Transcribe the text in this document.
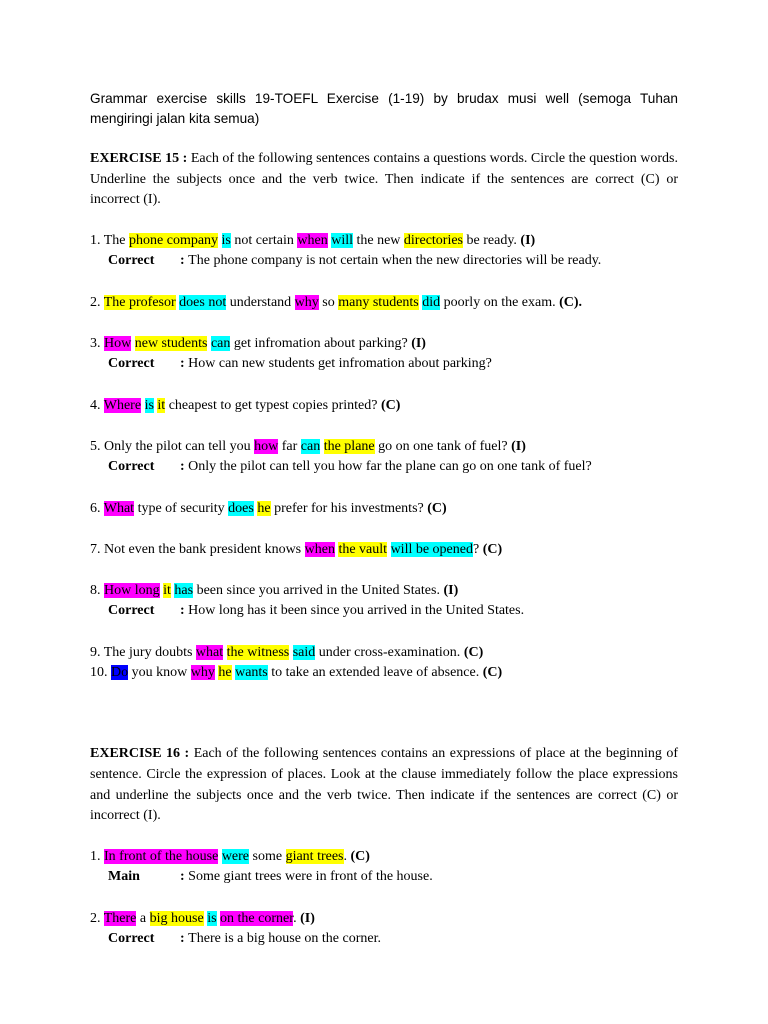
Grammar exercise skills 19-TOEFL Exercise (1-19) by brudax musi well (semoga Tuhan mengiringi jalan kita semua)
EXERCISE 15 : Each of the following sentences contains a questions words. Circle the question words. Underline the subjects once and the verb twice. Then indicate if the sentences are correct (C) or incorrect (I).
1. The phone company is not certain when will the new directories be ready. (I)
Correct : The phone company is not certain when the new directories will be ready.
2. The profesor does not understand why so many students did poorly on the exam. (C).
3. How new students can get infromation about parking? (I)
Correct : How can new students get infromation about parking?
4. Where is it cheapest to get typest copies printed? (C)
5. Only the pilot can tell you how far can the plane go on one tank of fuel? (I)
Correct : Only the pilot can tell you how far the plane can go on one tank of fuel?
6. What type of security does he prefer for his investments? (C)
7. Not even the bank president knows when the vault will be opened? (C)
8. How long it has been since you arrived in the United States. (I)
Correct : How long has it been since you arrived in the United States.
9. The jury doubts what the witness said under cross-examination. (C)
10. Do you know why he wants to take an extended leave of absence. (C)
EXERCISE 16 : Each of the following sentences contains an expressions of place at the beginning of sentence. Circle the expression of places. Look at the clause immediately follow the place expressions and underline the subjects once and the verb twice. Then indicate if the sentences are correct (C) or incorrect (I).
1. In front of the house were some giant trees. (C)
Main	: Some giant trees were in front of the house.
2. There a big house is on the corner. (I)
Correct : There is a big house on the corner.
